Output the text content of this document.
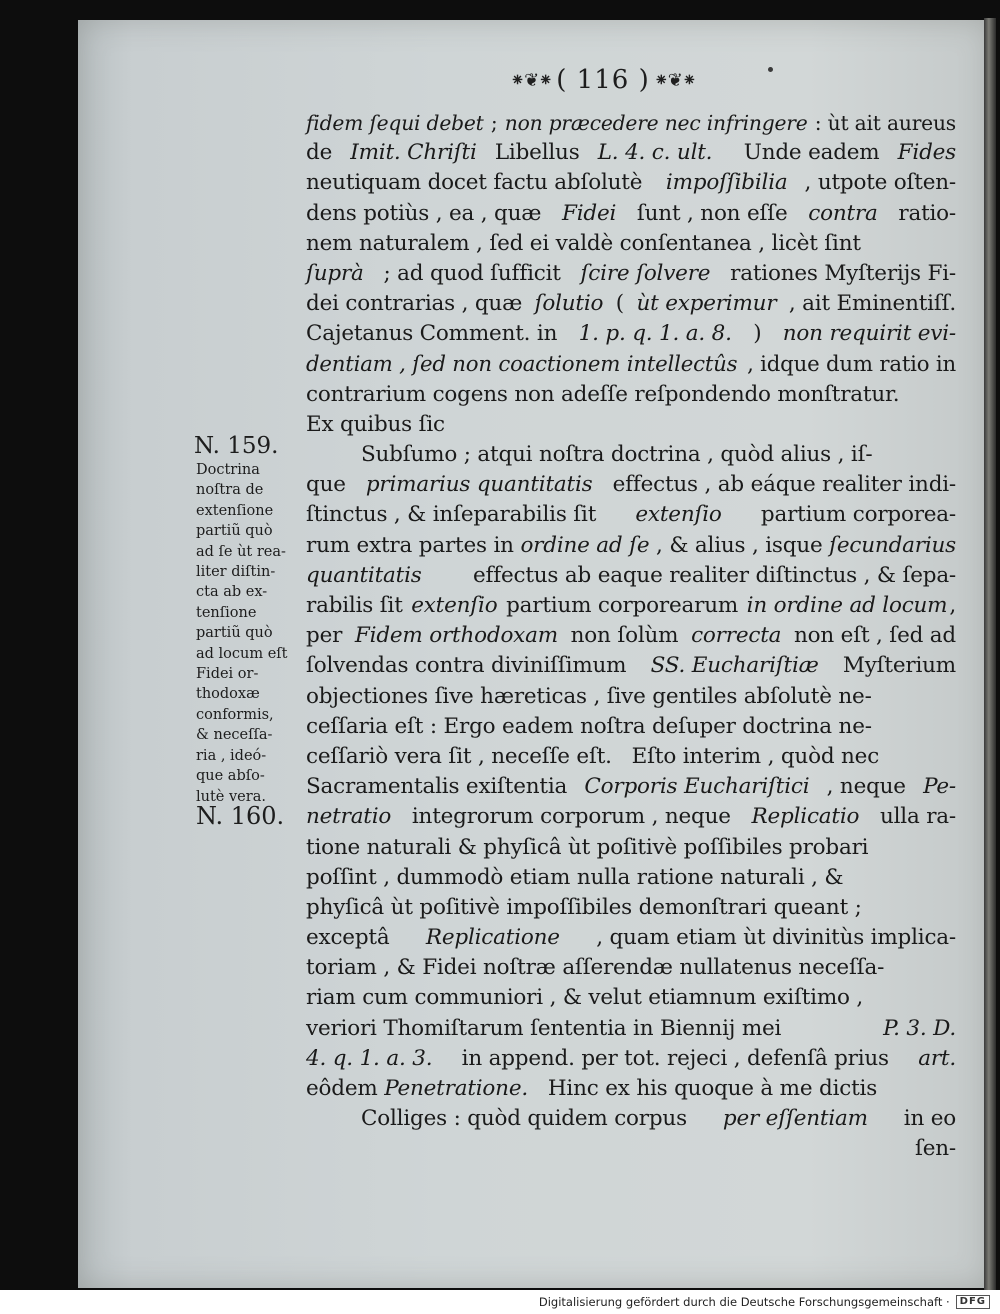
⁕❦⁕ ( 116 ) ⁕❦⁕
fidem ſequi debet ; non præcedere nec infringere : ùt ait aureus
de Imit. Chriſti Libellus L. 4. c. ult. Unde eadem Fides
neutiquam docet factu abſolutè impoſſibilia , utpote oſten-
dens potiùs , ea , quæ Fidei ſunt , non eſſe contra ratio-
nem naturalem , ſed ei valdè conſentanea , licèt ſint
ſuprà ; ad quod ſufficit ſcire ſolvere rationes Myſterijs Fi-
dei contrarias , quæ ſolutio ( ùt experimur , ait Eminentiſſ.
Cajetanus Comment. in 1. p. q. 1. a. 8. ) non requirit evi-
dentiam , ſed non coactionem intellectûs , idque dum ratio in
contrarium cogens non adeſſe reſpondendo monſtratur.
Ex quibus ſic
Subſumo ; atqui noſtra doctrina , quòd alius , iſ-
que primarius quantitatis effectus , ab eáque realiter indi-
ſtinctus , & inſeparabilis ſit extenſio partium corporea-
rum extra partes in ordine ad ſe , & alius , isque ſecundarius
quantitatis effectus ab eaque realiter diſtinctus , & ſepa-
rabilis ſit extenſio partium corporearum in ordine ad locum ,
per Fidem orthodoxam non ſolùm correcta non eſt , ſed ad
ſolvendas contra diviniſſimum SS. Euchariſtiæ Myſterium
objectiones ſive hæreticas , ſive gentiles abſolutè ne-
ceſſaria eſt : Ergo eadem noſtra deſuper doctrina ne-
ceſſariò vera ſit , neceſſe eſt.   Eſto interim , quòd nec
Sacramentalis exiſtentia Corporis Euchariſtici , neque Pe-
netratio integrorum corporum , neque Replicatio ulla ra-
tione naturali & phyſicâ ùt poſitivè poſſibiles probari
poſſint , dummodò etiam nulla ratione naturali , &
phyſicâ ùt poſitivè impoſſibiles demonſtrari queant ;
exceptâ Replicatione , quam etiam ùt divinitùs implica-
toriam , & Fidei noſtræ aſſerendæ nullatenus neceſſa-
riam cum communiori , & velut etiamnum exiſtimo ,
veriori Thomiſtarum ſententia in Biennij mei	P. 3. D.
4. q. 1. a. 3. in append. per tot. rejeci , defenſâ prius art.
eôdem Penetratione. Hinc ex his quoque à me dictis
Colliges : quòd quidem corpus per eſſentiam in eo
ſen-
N. 159.
Doctrina
noſtra de
extenſione
partiũ quò
ad ſe ùt rea-
liter diſtin-
cta ab ex-
tenſione
partiũ quò
ad locum eſt
Fidei or-
thodoxæ
conformis,
& neceſſa-
ria , ideó-
que abſo-
lutè vera.
N. 160.
Digitalisierung gefördert durch die Deutsche Forschungsgemeinschaft ·	DFG
